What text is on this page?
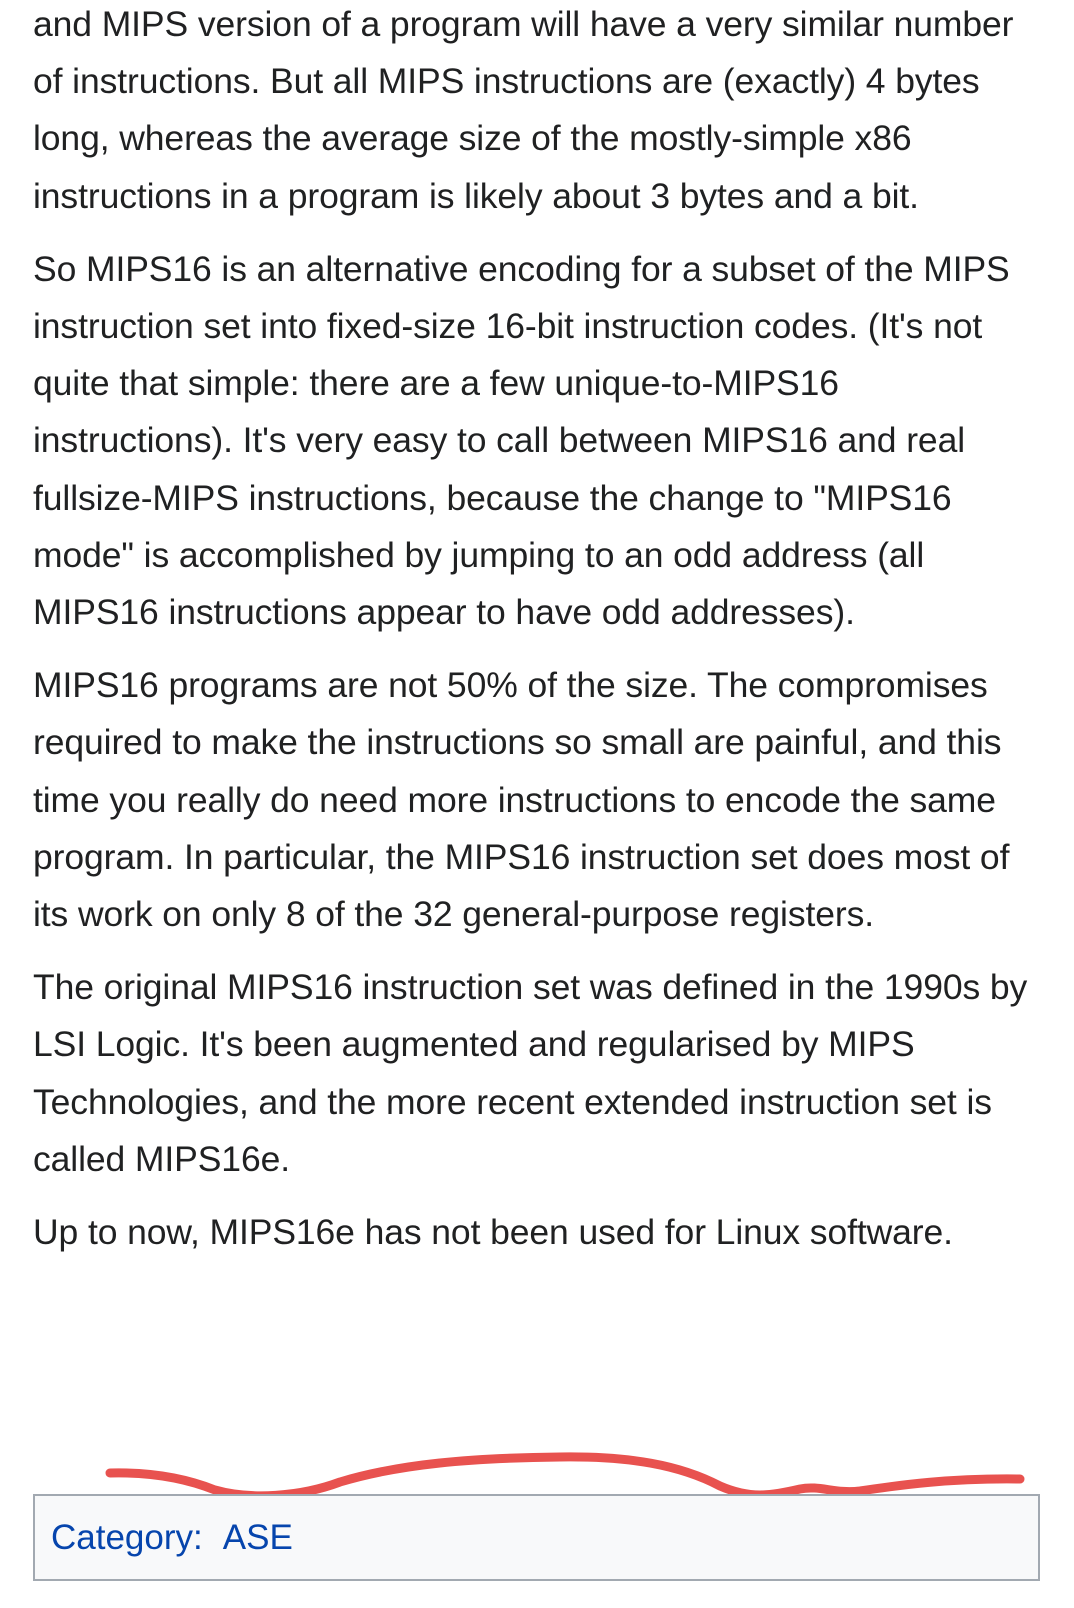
and MIPS version of a program will have a very similar number of instructions. But all MIPS instructions are (exactly) 4 bytes long, whereas the average size of the mostly-simple x86 instructions in a program is likely about 3 bytes and a bit.

So MIPS16 is an alternative encoding for a subset of the MIPS instruction set into fixed-size 16-bit instruction codes. (It's not quite that simple: there are a few unique-to-MIPS16 instructions). It's very easy to call between MIPS16 and real fullsize-MIPS instructions, because the change to "MIPS16 mode" is accomplished by jumping to an odd address (all MIPS16 instructions appear to have odd addresses).

MIPS16 programs are not 50% of the size. The compromises required to make the instructions so small are painful, and this time you really do need more instructions to encode the same program. In particular, the MIPS16 instruction set does most of its work on only 8 of the 32 general-purpose registers.

The original MIPS16 instruction set was defined in the 1990s by LSI Logic. It's been augmented and regularised by MIPS Technologies, and the more recent extended instruction set is called MIPS16e.

Up to now, MIPS16e has not been used for Linux software.

Category : ASE
